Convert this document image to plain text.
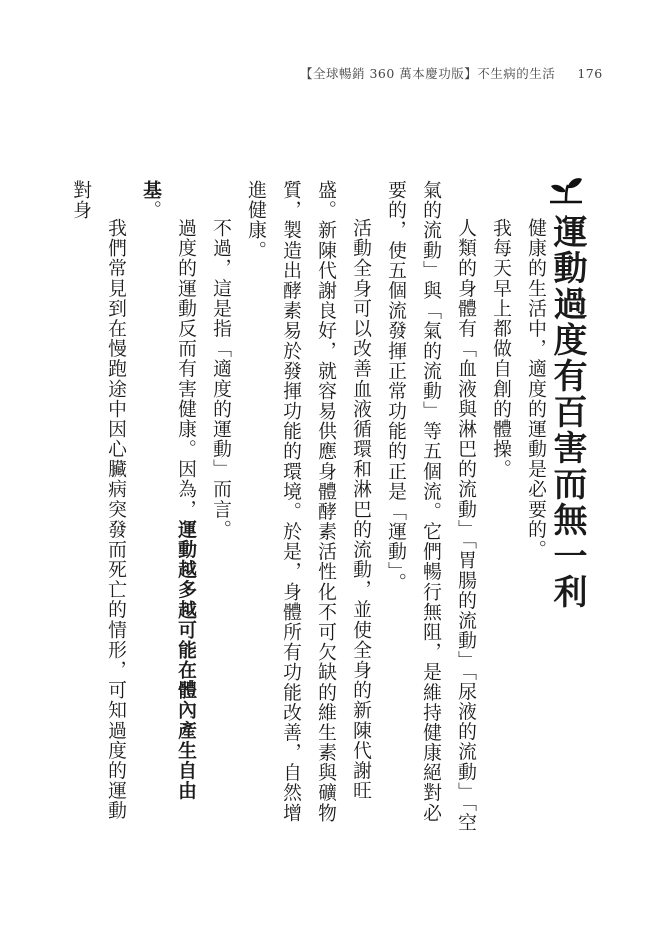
【全球暢銷 360 萬本慶功版】不生病的生活 176
運動過度有百害而無一利

健康的生活中，適度的運動是必要的。

我每天早上都做自創的體操。

人類的身體有「血液與淋巴的流動」「胃腸的流動」「尿液的流動」「空氣的流動」與「氣的流動」等五個流。它們暢行無阻，是維持健康絕對必要的，使五個流發揮正常功能的正是「運動」。

活動全身可以改善血液循環和淋巴的流動，並使全身的新陳代謝旺盛。新陳代謝良好，就容易供應身體酵素活性化不可欠缺的維生素與礦物質，製造出酵素易於發揮功能的環境。於是，身體所有功能改善，自然增進健康。

不過，這是指「適度的運動」而言。

過度的運動反而有害健康。因為，運動越多越可能在體內產生自由基。

我們常見到在慢跑途中因心臟病突發而死亡的情形，可知過度的運動對身
